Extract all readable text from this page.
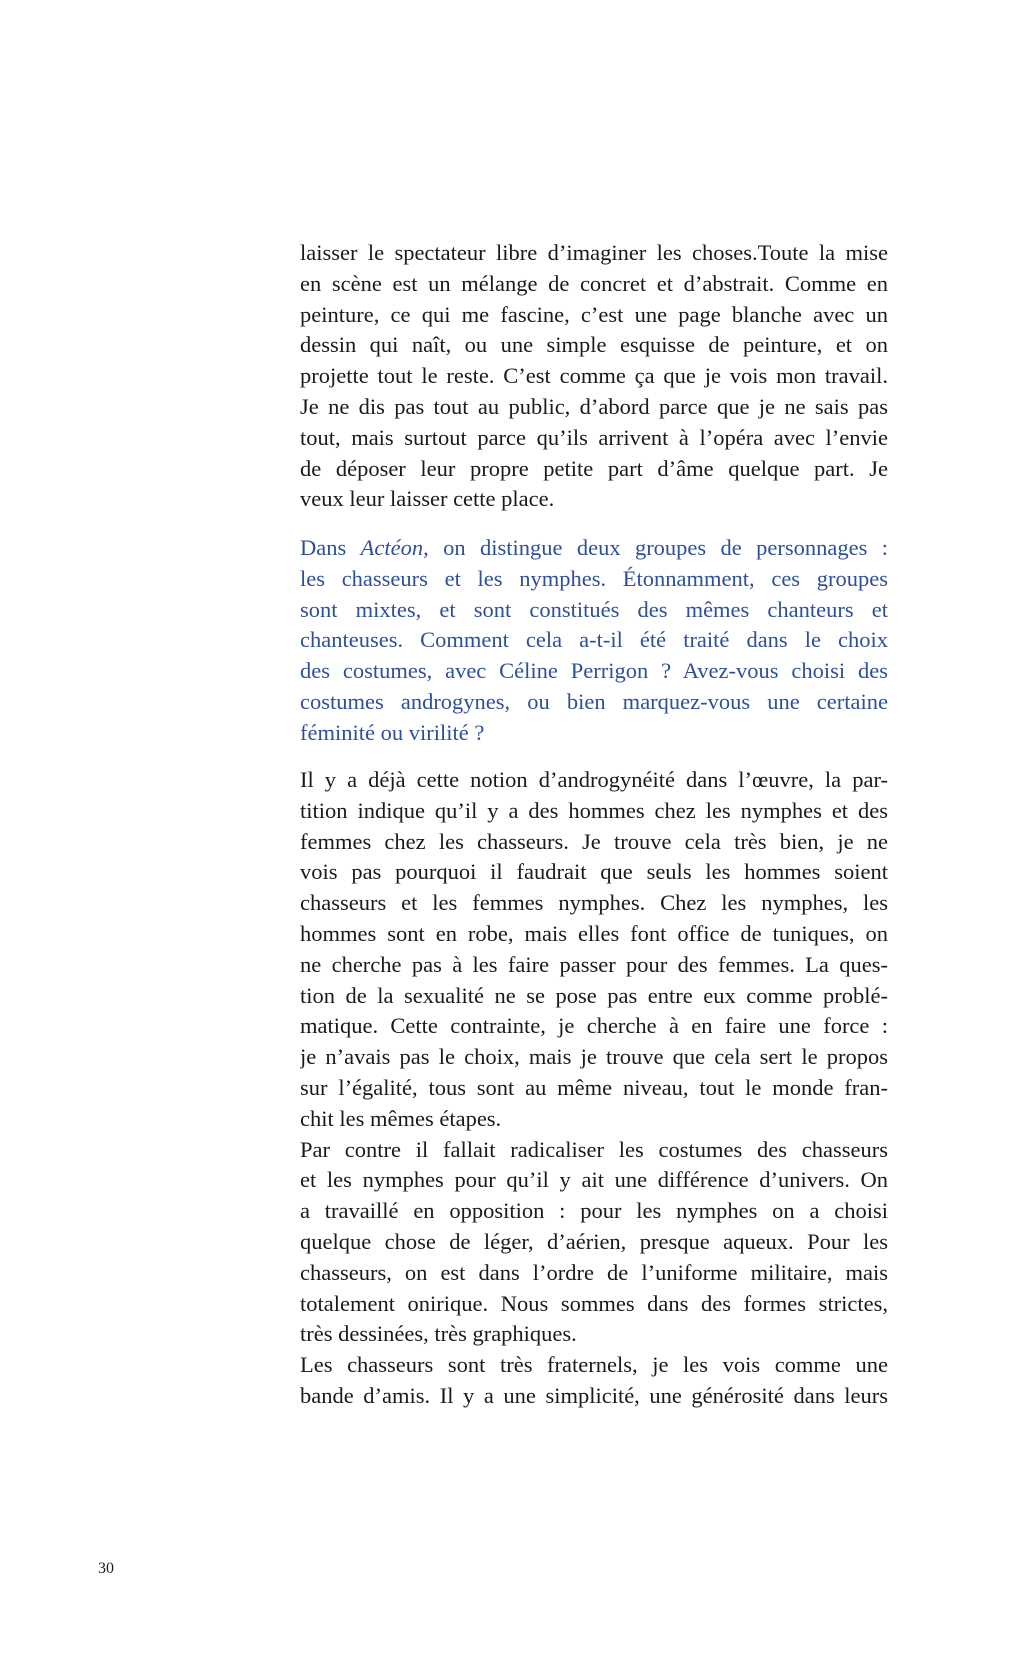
laisser le spectateur libre d’imaginer les choses.Toute la mise
en scène est un mélange de concret et d’abstrait. Comme en
peinture, ce qui me fascine, c’est une page blanche avec un
dessin qui naît, ou une simple esquisse de peinture, et on
projette tout le reste. C’est comme ça que je vois mon travail.
Je ne dis pas tout au public, d’abord parce que je ne sais pas
tout, mais surtout parce qu’ils arrivent à l’opéra avec l’envie
de déposer leur propre petite part d’âme quelque part. Je
veux leur laisser cette place.
Dans Actéon, on distingue deux groupes de personnages :
les chasseurs et les nymphes. Étonnamment, ces groupes
sont mixtes, et sont constitués des mêmes chanteurs et
chanteuses. Comment cela a-t-il été traité dans le choix
des costumes, avec Céline Perrigon ? Avez-vous choisi des
costumes androgynes, ou bien marquez-vous une certaine
féminité ou virilité ?
Il y a déjà cette notion d’androgynéité dans l’œuvre, la par-
tition indique qu’il y a des hommes chez les nymphes et des
femmes chez les chasseurs. Je trouve cela très bien, je ne
vois pas pourquoi il faudrait que seuls les hommes soient
chasseurs et les femmes nymphes. Chez les nymphes, les
hommes sont en robe, mais elles font office de tuniques, on
ne cherche pas à les faire passer pour des femmes. La ques-
tion de la sexualité ne se pose pas entre eux comme problé-
matique. Cette contrainte, je cherche à en faire une force :
je n’avais pas le choix, mais je trouve que cela sert le propos
sur l’égalité, tous sont au même niveau, tout le monde fran-
chit les mêmes étapes.
Par contre il fallait radicaliser les costumes des chasseurs
et les nymphes pour qu’il y ait une différence d’univers. On
a travaillé en opposition : pour les nymphes on a choisi
quelque chose de léger, d’aérien, presque aqueux. Pour les
chasseurs, on est dans l’ordre de l’uniforme militaire, mais
totalement onirique. Nous sommes dans des formes strictes,
très dessinées, très graphiques.
Les chasseurs sont très fraternels, je les vois comme une
bande d’amis. Il y a une simplicité, une générosité dans leurs
30
